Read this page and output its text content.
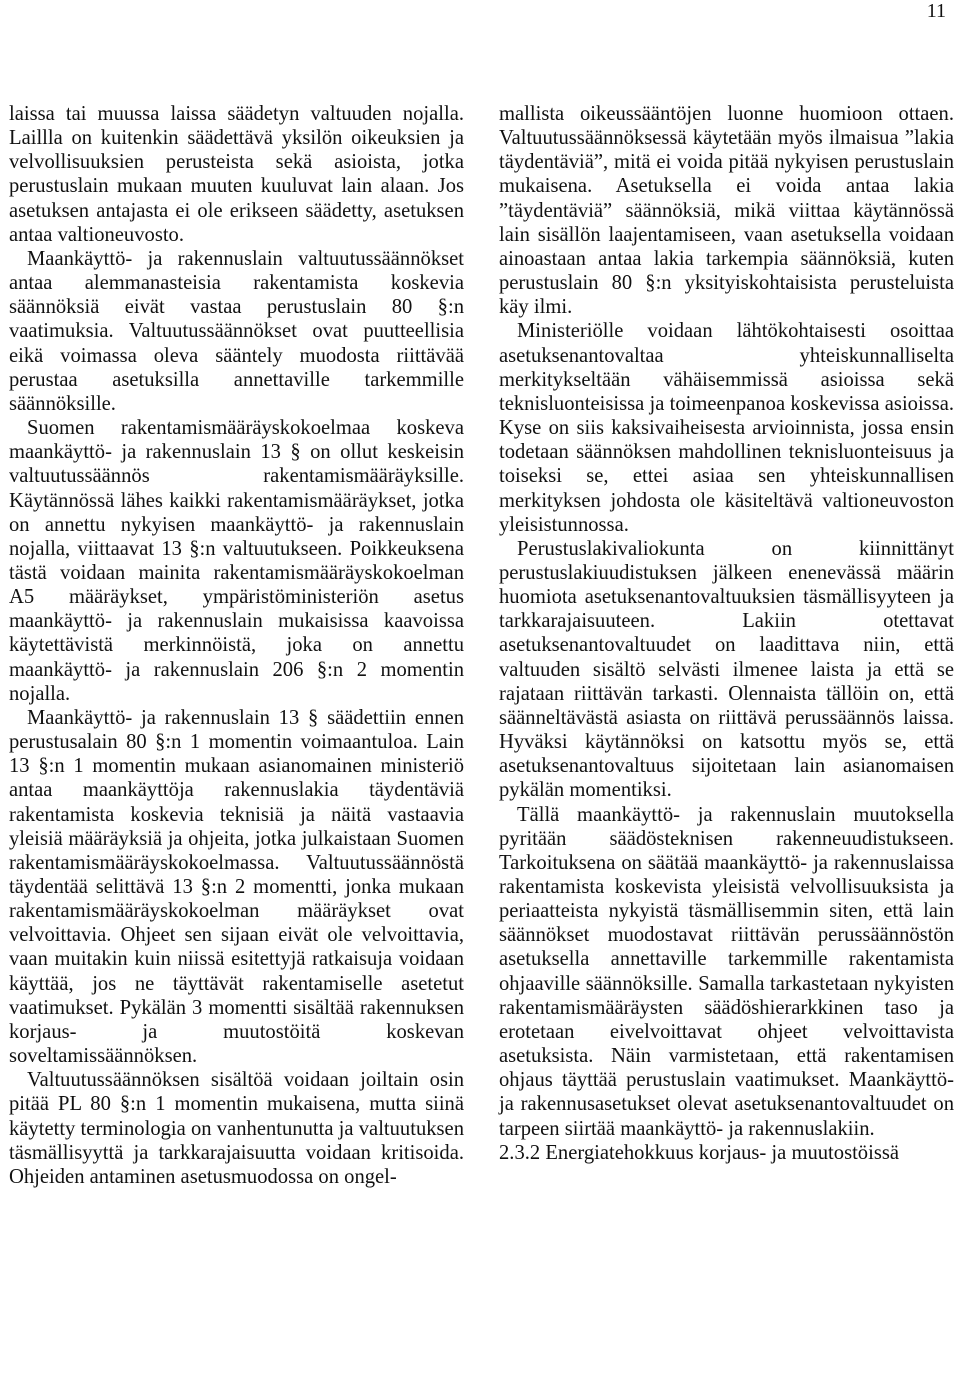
11

laissa tai muussa laissa säädetyn valtuuden nojalla. Laillla on kuitenkin säädettävä yksilön oikeuksien ja velvollisuuksien perusteista sekä asioista, jotka perustuslain mukaan muuten kuuluvat lain alaan. Jos asetuksen antajasta ei ole erikseen säädetty, asetuksen antaa valtioneuvosto.

Maankäyttö- ja rakennuslain valtuutussäännökset antaa alemmanasteisia rakentamista koskevia säännöksiä eivät vastaa perustuslain 80 §:n vaatimuksia. Valtuutussäännökset ovat puutteellisia eikä voimassa oleva sääntely muodosta riittävää perustaa asetuksilla annettaville tarkemmille säännöksille.

Suomen rakentamismääräyskokoelmaa koskeva maankäyttö- ja rakennuslain 13 § on ollut keskeisin valtuutussäännös rakentamismääräyksille. Käytännössä lähes kaikki rakentamismääräykset, jotka on annettu nykyisen maankäyttö- ja rakennuslain nojalla, viittaavat 13 §:n valtuutukseen. Poikkeuksena tästä voidaan mainita rakentamismääräyskokoelman A5 määräykset, ympäristöministeriön asetus maankäyttö- ja rakennuslain mukaisissa kaavoissa käytettävistä merkinnöistä, joka on annettu maankäyttö- ja rakennuslain 206 §:n 2 momentin nojalla.

Maankäyttö- ja rakennuslain 13 § säädettiin ennen perustusalain 80 §:n 1 momentin voimaantuloa. Lain 13 §:n 1 momentin mukaan asianomainen ministeriö antaa maankäyttöja rakennuslakia täydentäviä rakentamista koskevia teknisiä ja näitä vastaavia yleisiä määräyksiä ja ohjeita, jotka julkaistaan Suomen rakentamismääräyskokoelmassa. Valtuutussäännöstä täydentää selittävä 13 §:n 2 momentti, jonka mukaan rakentamismääräyskokoelman määräykset ovat velvoittavia. Ohjeet sen sijaan eivät ole velvoittavia, vaan muitakin kuin niissä esitettyjä ratkaisuja voidaan käyttää, jos ne täyttävät rakentamiselle asetetut vaatimukset. Pykälän 3 momentti sisältää rakennuksen korjaus- ja muutostöitä koskevan soveltamissäännöksen.

Valtuutussäännöksen sisältöä voidaan joiltain osin pitää PL 80 §:n 1 momentin mukaisena, mutta siinä käytetty terminologia on vanhentunutta ja valtuutuksen täsmällisyyttä ja tarkkarajaisuutta voidaan kritisoida. Ohjeiden antaminen asetusmuodossa on ongel-

mallista oikeussääntöjen luonne huomioon ottaen. Valtuutussäännöksessä käytetään myös ilmaisua ”lakia täydentäviä”, mitä ei voida pitää nykyisen perustuslain mukaisena. Asetuksella ei voida antaa lakia ”täydentäviä” säännöksiä, mikä viittaa käytännössä lain sisällön laajentamiseen, vaan asetuksella voidaan ainoastaan antaa lakia tarkempia säännöksiä, kuten perustuslain 80 §:n yksityiskohtaisista perusteluista käy ilmi.

Ministeriölle voidaan lähtökohtaisesti osoittaa asetuksenantovaltaa yhteiskunnalliselta merkitykseltään vähäisemmissä asioissa sekä teknisluonteisissa ja toimeenpanoa koskevissa asioissa. Kyse on siis kaksivaiheisesta arvioinnista, jossa ensin todetaan säännöksen mahdollinen teknisluonteisuus ja toiseksi se, ettei asiaa sen yhteiskunnallisen merkityksen johdosta ole käsiteltävä valtioneuvoston yleisistunnossa.

Perustuslakivaliokunta on kiinnittänyt perustuslakiuudistuksen jälkeen enenevässä määrin huomiota asetuksenantovaltuuksien täsmällisyyteen ja tarkkarajaisuuteen. Lakiin otettavat asetuksenantovaltuudet on laadittava niin, että valtuuden sisältö selvästi ilmenee laista ja että se rajataan riittävän tarkasti. Olennaista tällöin on, että säänneltävästä asiasta on riittävä perussäännös laissa. Hyväksi käytännöksi on katsottu myös se, että asetuksenantovaltuus sijoitetaan lain asianomaisen pykälän momentiksi.

Tällä maankäyttö- ja rakennuslain muutoksella pyritään säädösteknisen rakenneuudistukseen. Tarkoituksena on säätää maankäyttö- ja rakennuslaissa rakentamista koskevista yleisistä velvollisuuksista ja periaatteista nykyistä täsmällisemmin siten, että lain säännökset muodostavat riittävän perussäännöstön asetuksella annettaville tarkemmille rakentamista ohjaaville säännöksille. Samalla tarkastetaan nykyisten rakentamismääräysten säädöshierarkkinen taso ja erotetaan eivelvoittavat ohjeet velvoittavista asetuksista. Näin varmistetaan, että rakentamisen ohjaus täyttää perustuslain vaatimukset. Maankäyttö- ja rakennusasetukset olevat asetuksenantovaltuudet on tarpeen siirtää maankäyttö- ja rakennuslakiin.

2.3.2 Energiatehokkuus korjaus- ja muutostöissä
